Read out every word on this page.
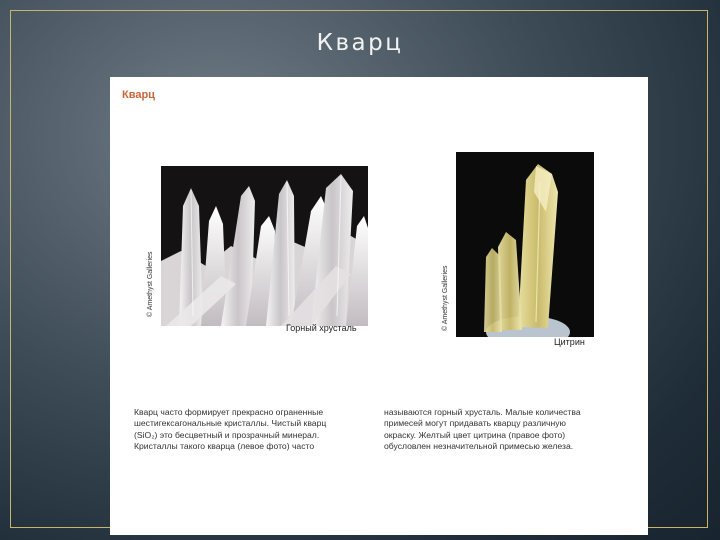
Кварц
Кварц
© Amethyst Galleries
Горный хрусталь	© Amethyst Galleries
Цитрин
Кварц часто формирует прекрасно ограненные
шестигексагональные кристаллы. Чистый кварц
(SiO₂) это бесцветный и прозрачный минерал.
Кристаллы такого кварца (левое фото) часто
называются горный хрусталь. Малые количества
примесей могут придавать кварцу различную
окраску. Желтый цвет цитрина (правое фото)
обусловлен незначительной примесью железа.
